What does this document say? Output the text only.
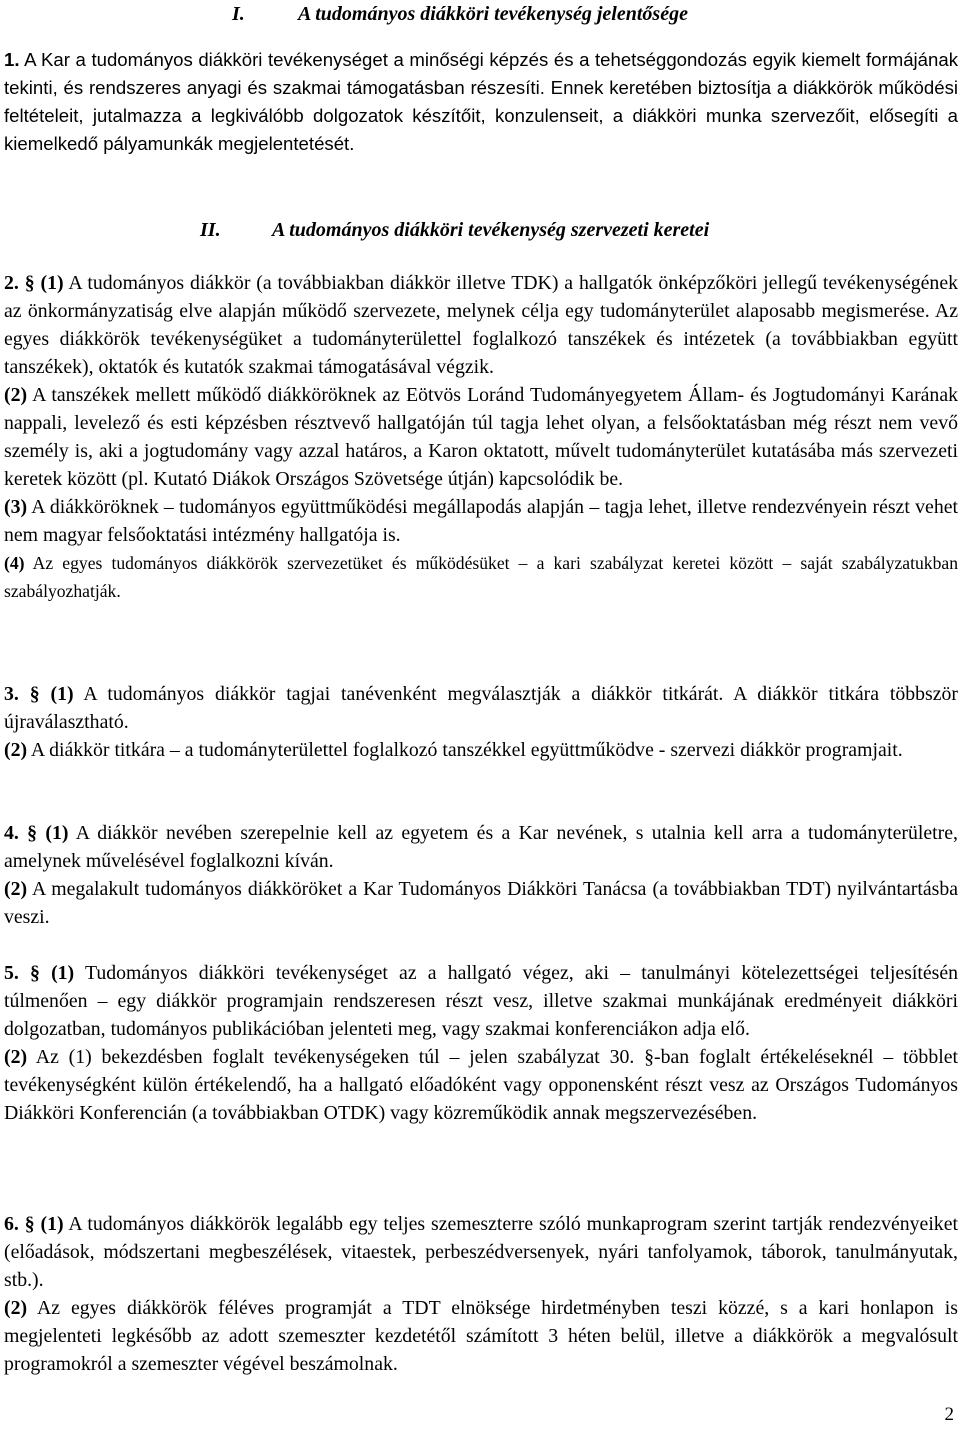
I.	A tudományos diákköri tevékenység jelentősége

1. A Kar a tudományos diákköri tevékenységet a minőségi képzés és a tehetséggondozás egyik kiemelt formájának tekinti, és rendszeres anyagi és szakmai támogatásban részesíti. Ennek keretében biztosítja a diákkörök működési feltételeit, jutalmazza a legkiválóbb dolgozatok készítőit, konzulenseit, a diákköri munka szervezőit, elősegíti a kiemelkedő pályamunkák megjelentetését.

II.	A tudományos diákköri tevékenység szervezeti keretei

2. § (1) A tudományos diákkör (a továbbiakban diákkör illetve TDK) a hallgatók önképzőköri jellegű tevékenységének az önkormányzatiság elve alapján működő szervezete, melynek célja egy tudományterület alaposabb megismerése. Az egyes diákkörök tevékenységüket a tudományterülettel foglalkozó tanszékek és intézetek (a továbbiakban együtt tanszékek), oktatók és kutatók szakmai támogatásával végzik.

(2) A tanszékek mellett működő diákköröknek az Eötvös Loránd Tudományegyetem Állam- és Jogtudományi Karának nappali, levelező és esti képzésben résztvevő hallgatóján túl tagja lehet olyan, a felsőoktatásban még részt nem vevő személy is, aki a jogtudomány vagy azzal határos, a Karon oktatott, művelt tudományterület kutatásába más szervezeti keretek között (pl. Kutató Diákok Országos Szövetsége útján) kapcsolódik be.

(3) A diákköröknek – tudományos együttműködési megállapodás alapján – tagja lehet, illetve rendezvényein részt vehet nem magyar felsőoktatási intézmény hallgatója is.

(4) Az egyes tudományos diákkörök szervezetüket és működésüket – a kari szabályzat keretei között – saját szabályzatukban szabályozhatják.

3. § (1) A tudományos diákkör tagjai tanévenként megválasztják a diákkör titkárát. A diákkör titkára többször újraválasztható.

(2) A diákkör titkára – a tudományterülettel foglalkozó tanszékkel együttműködve - szervezi diákkör programjait.

4. § (1) A diákkör nevében szerepelnie kell az egyetem és a Kar nevének, s utalnia kell arra a tudományterületre, amelynek művelésével foglalkozni kíván.

(2) A megalakult tudományos diákköröket a Kar Tudományos Diákköri Tanácsa (a továbbiakban TDT) nyilvántartásba veszi.

5. § (1) Tudományos diákköri tevékenységet az a hallgató végez, aki – tanulmányi kötelezettségei teljesítésén túlmenően – egy diákkör programjain rendszeresen részt vesz, illetve szakmai munkájának eredményeit diákköri dolgozatban, tudományos publikációban jelenteti meg, vagy szakmai konferenciákon adja elő.

(2) Az (1) bekezdésben foglalt tevékenységeken túl – jelen szabályzat 30. §-ban foglalt értékeléseknél – többlet tevékenységként külön értékelendő, ha a hallgató előadóként vagy opponensként részt vesz az Országos Tudományos Diákköri Konferencián (a továbbiakban OTDK) vagy közreműködik annak megszervezésében.

6. § (1) A tudományos diákkörök legalább egy teljes szemeszterre szóló munkaprogram szerint tartják rendezvényeiket (előadások, módszertani megbeszélések, vitaestek, perbeszédversenyek, nyári tanfolyamok, táborok, tanulmányutak, stb.).

(2) Az egyes diákkörök féléves programját a TDT elnöksége hirdetményben teszi közzé, s a kari honlapon is megjelenteti legkésőbb az adott szemeszter kezdetétől számított 3 héten belül, illetve a diákkörök a megvalósult programokról a szemeszter végével beszámolnak.

2
